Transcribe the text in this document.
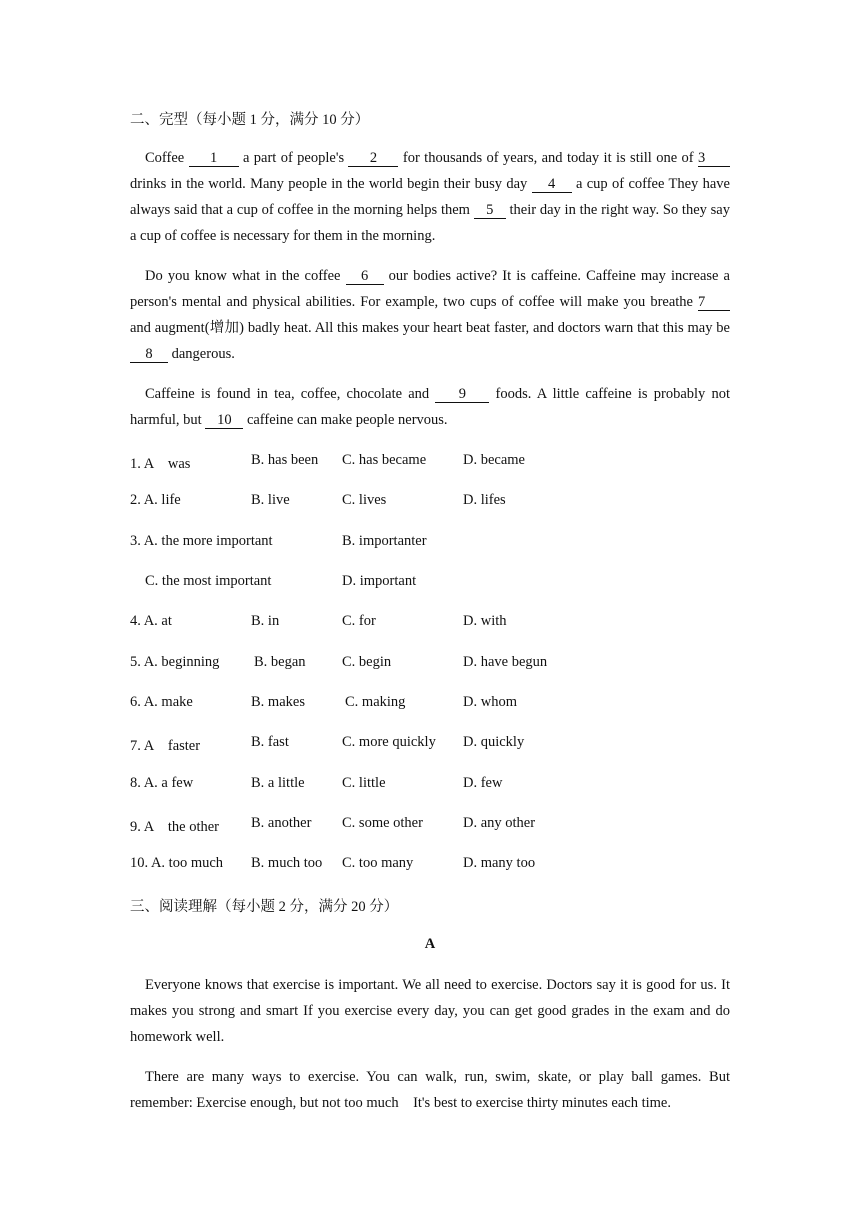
二、完型（每小题 1 分，满分 10 分）
Coffee 1 a part of people's 2 for thousands of years, and today it is still one of 3 drinks in the world. Many people in the world begin their busy day 4 a cup of coffee They have always said that a cup of coffee in the morning helps them 5 their day in the right way. So they say a cup of coffee is necessary for them in the morning.
Do you know what in the coffee 6 our bodies active? It is caffeine. Caffeine may increase a person's mental and physical abilities. For example, two cups of coffee will make you breathe 7 and augment(增加) badly heat. All this makes your heart beat faster, and doctors warn that this may be 8 dangerous.
Caffeine is found in tea, coffee, chocolate and 9 foods. A little caffeine is probably not harmful, but 10 caffeine can make people nervous.
1. A　was	B. has been C. has became	D. became
2. A. life	B. live	C. lives	D. lifes
3. A. the more important	B. importanter
C. the most important	D. important
4. A. at	B. in	C. for	D. with
5. A. beginning B. began	C. begin	D. have begun
6. A. make	B. makes	C. making	D. whom
7. A　faster	B. fast	C. more quickly D. quickly
8. A. a few	B. a little	C. little	D. few
9. A　the other B. another C. some other	D. any other
10. A. too much B. much too C. too many	D. many too
三、阅读理解（每小题 2 分，满分 20 分）
A
Everyone knows that exercise is important. We all need to exercise. Doctors say it is good for us. It makes you strong and smart If you exercise every day, you can get good grades in the exam and do homework well.
There are many ways to exercise. You can walk, run, swim, skate, or play ball games. But remember: Exercise enough, but not too much　It's best to exercise thirty minutes each time.
